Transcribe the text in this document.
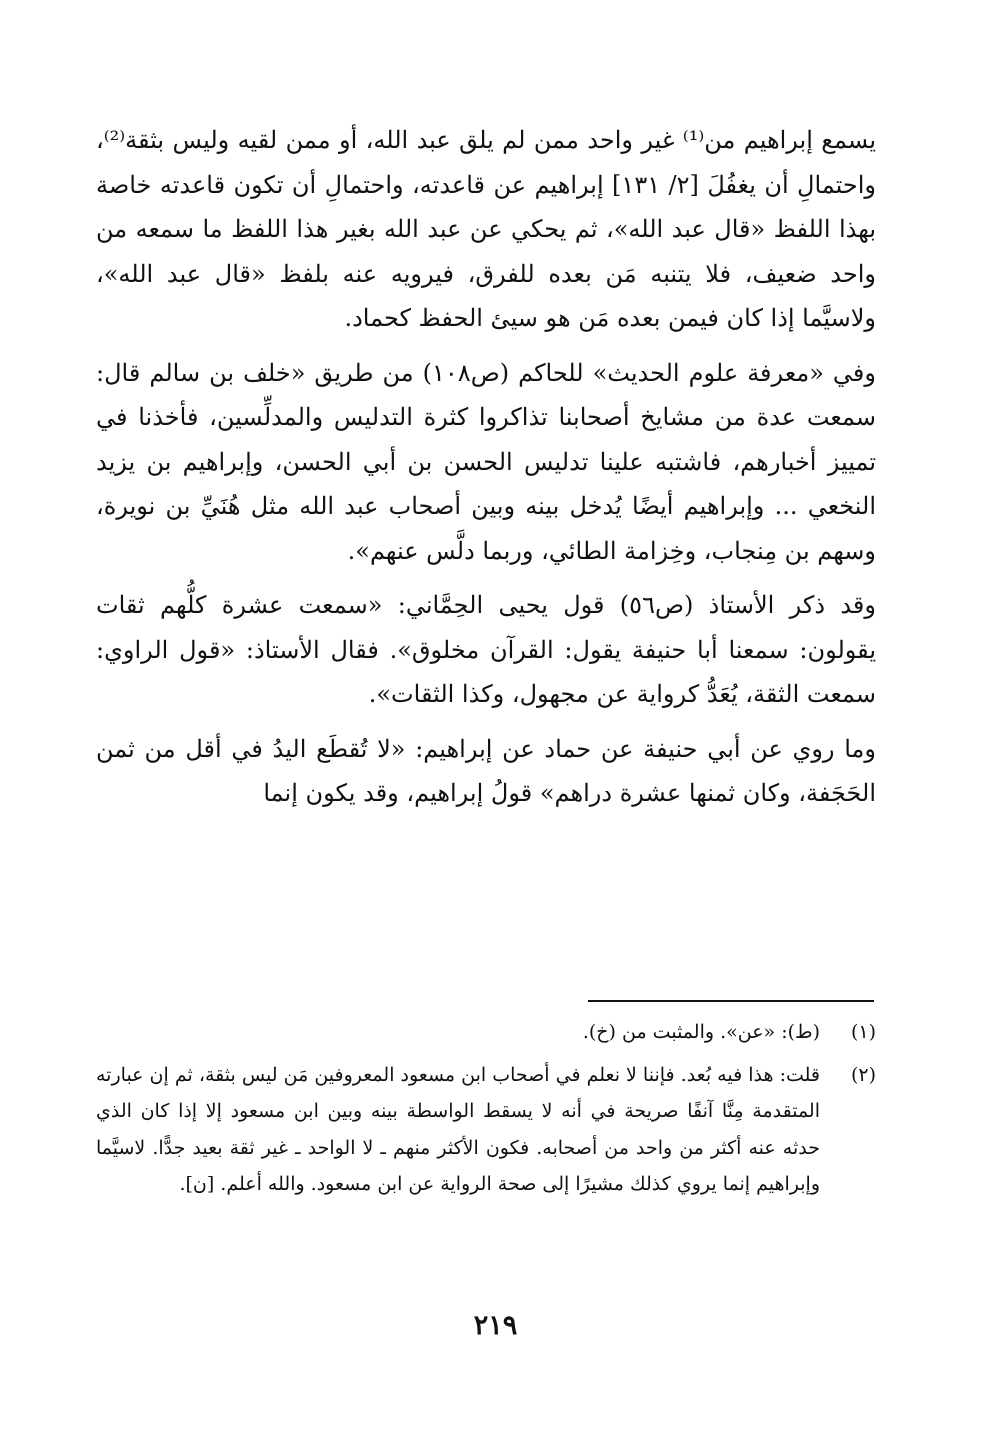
يسمع إبراهيم من⁽¹⁾ غير واحد ممن لم يلق عبد الله، أو ممن لقيه وليس بثقة⁽²⁾، واحتمالِ أن يغفُلَ [٢/ ١٣١] إبراهيم عن قاعدته، واحتمالِ أن تكون قاعدته خاصة بهذا اللفظ «قال عبد الله»، ثم يحكي عن عبد الله بغير هذا اللفظ ما سمعه من واحد ضعيف، فلا يتنبه مَن بعده للفرق، فيرويه عنه بلفظ «قال عبد الله»، ولاسيَّما إذا كان فيمن بعده مَن هو سيئ الحفظ كحماد.

وفي «معرفة علوم الحديث» للحاكم (ص١٠٨) من طريق «خلف بن سالم قال: سمعت عدة من مشايخ أصحابنا تذاكروا كثرة التدليس والمدلِّسين، فأخذنا في تمييز أخبارهم، فاشتبه علينا تدليس الحسن بن أبي الحسن، وإبراهيم بن يزيد النخعي ... وإبراهيم أيضًا يُدخل بينه وبين أصحاب عبد الله مثل هُنَيِّ بن نويرة، وسهم بن مِنجاب، وخِزامة الطائي، وربما دلَّس عنهم».

وقد ذكر الأستاذ (ص٥٦) قول يحيى الحِمَّاني: «سمعت عشرة كلُّهم ثقات يقولون: سمعنا أبا حنيفة يقول: القرآن مخلوق». فقال الأستاذ: «قول الراوي: سمعت الثقة، يُعَدُّ كرواية عن مجهول، وكذا الثقات».

وما روي عن أبي حنيفة عن حماد عن إبراهيم: «لا تُقطَع اليدُ في أقل من ثمن الحَجَفة، وكان ثمنها عشرة دراهم» قولُ إبراهيم، وقد يكون إنما

(١)
(ط): «عن». والمثبت من (خ).

(٢)
قلت: هذا فيه بُعد. فإننا لا نعلم في أصحاب ابن مسعود المعروفين مَن ليس بثقة، ثم إن عبارته المتقدمة مِنَّا آنفًا صريحة في أنه لا يسقط الواسطة بينه وبين ابن مسعود إلا إذا كان الذي حدثه عنه أكثر من واحد من أصحابه. فكون الأكثر منهم ـ لا الواحد ـ غير ثقة بعيد جدًّا. لاسيَّما وإبراهيم إنما يروي كذلك مشيرًا إلى صحة الرواية عن ابن مسعود. والله أعلم. [ن].

٢١٩
